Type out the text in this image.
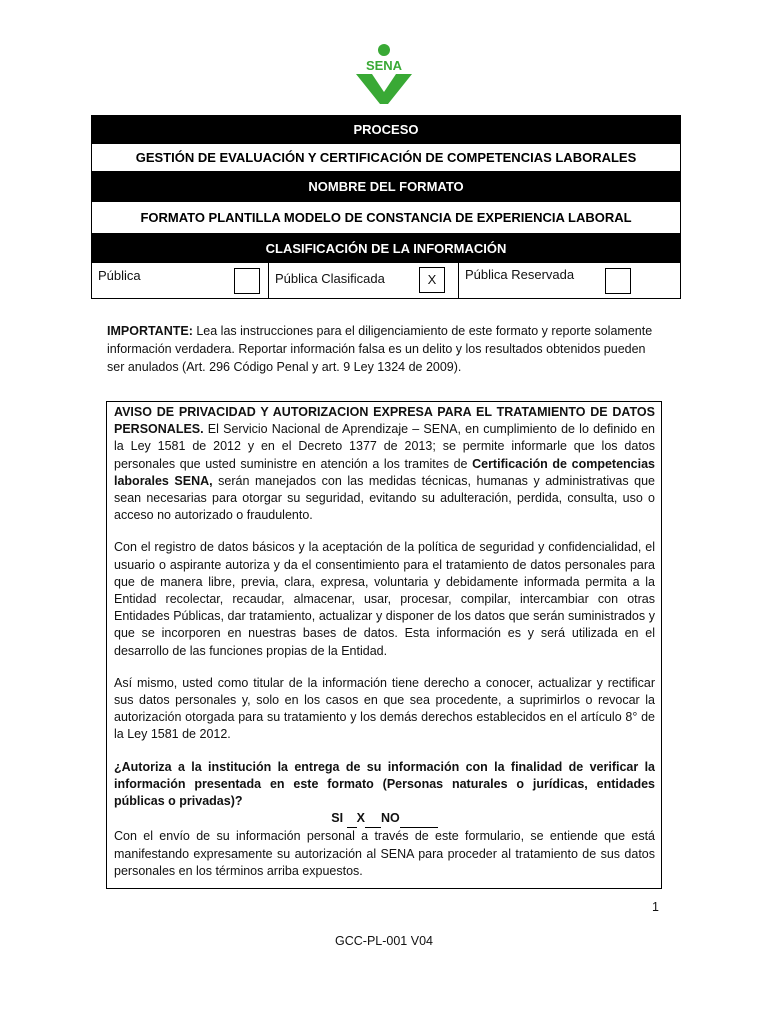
SENA
PROCESO
GESTIÓN DE EVALUACIÓN Y CERTIFICACIÓN DE COMPETENCIAS LABORALES
NOMBRE DEL FORMATO
FORMATO PLANTILLA MODELO DE CONSTANCIA DE EXPERIENCIA LABORAL
CLASIFICACIÓN DE LA INFORMACIÓN
Pública	Pública Clasificada	X	Pública Reservada
IMPORTANTE: Lea las instrucciones para el diligenciamiento de este formato y reporte solamente información verdadera. Reportar información falsa es un delito y los resultados obtenidos pueden ser anulados (Art. 296 Código Penal y art. 9 Ley 1324 de 2009).

AVISO DE PRIVACIDAD Y AUTORIZACION EXPRESA PARA EL TRATAMIENTO DE DATOS PERSONALES. El Servicio Nacional de Aprendizaje – SENA, en cumplimiento de lo definido en la Ley 1581 de 2012 y en el Decreto 1377 de 2013; se permite informarle que los datos personales que usted suministre en atención a los tramites de Certificación de competencias laborales SENA, serán manejados con las medidas técnicas, humanas y administrativas que sean necesarias para otorgar su seguridad, evitando su adulteración, perdida, consulta, uso o acceso no autorizado o fraudulento.

Con el registro de datos básicos y la aceptación de la política de seguridad y confidencialidad, el usuario o aspirante autoriza y da el consentimiento para el tratamiento de datos personales para que de manera libre, previa, clara, expresa, voluntaria y debidamente informada permita a la Entidad recolectar, recaudar, almacenar, usar, procesar, compilar, intercambiar con otras Entidades Públicas, dar tratamiento, actualizar y disponer de los datos que serán suministrados y que se incorporen en nuestras bases de datos. Esta información es y será utilizada en el desarrollo de las funciones propias de la Entidad.

Así mismo, usted como titular de la información tiene derecho a conocer, actualizar y rectificar sus datos personales y, solo en los casos en que sea procedente, a suprimirlos o revocar la autorización otorgada para su tratamiento y los demás derechos establecidos en el artículo 8° de la Ley 1581 de 2012.

¿Autoriza a la institución la entrega de su información con la finalidad de verificar la información presentada en este formato (Personas naturales o jurídicas, entidades públicas o privadas)?

SI X NO

Con el envío de su información personal a través de este formulario, se entiende que está manifestando expresamente su autorización al SENA para proceder al tratamiento de sus datos personales en los términos arriba expuestos.

1
GCC-PL-001 V04
